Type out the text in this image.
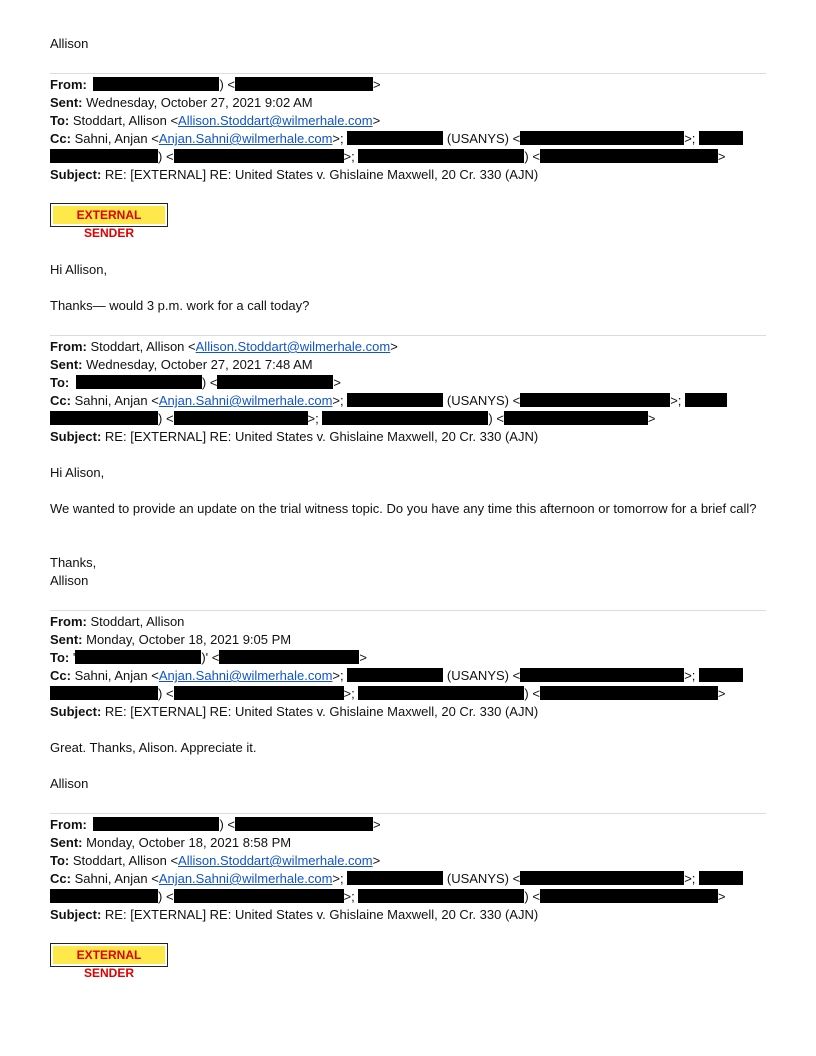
Allison
From:	) <	>
Sent: Wednesday, October 27, 2021 9:02 AM
To: Stoddart, Allison <Allison.Stoddart@wilmerhale.com>
Cc: Sahni, Anjan <Anjan.Sahni@wilmerhale.com>;	(USANYS) <	>;
) <	>;	) <	>
Subject: RE: [EXTERNAL] RE: United States v. Ghislaine Maxwell, 20 Cr. 330 (AJN)
EXTERNAL SENDER
Hi Allison,
Thanks— would 3 p.m. work for a call today?
From: Stoddart, Allison <Allison.Stoddart@wilmerhale.com>
Sent: Wednesday, October 27, 2021 7:48 AM
To:	) <	>
Cc: Sahni, Anjan <Anjan.Sahni@wilmerhale.com>;	(USANYS) <	>;
) <	>;	) <	>
Subject: RE: [EXTERNAL] RE: United States v. Ghislaine Maxwell, 20 Cr. 330 (AJN)
Hi Alison,
We wanted to provide an update on the trial witness topic. Do you have any time this afternoon or tomorrow for a brief call?
Thanks,
Allison
From: Stoddart, Allison
Sent: Monday, October 18, 2021 9:05 PM
To: '	)' <	>
Cc: Sahni, Anjan <Anjan.Sahni@wilmerhale.com>;	(USANYS) <	>;
) <	>;	) <	>
Subject: RE: [EXTERNAL] RE: United States v. Ghislaine Maxwell, 20 Cr. 330 (AJN)
Great. Thanks, Alison. Appreciate it.
Allison
From:	) <	>
Sent: Monday, October 18, 2021 8:58 PM
To: Stoddart, Allison <Allison.Stoddart@wilmerhale.com>
Cc: Sahni, Anjan <Anjan.Sahni@wilmerhale.com>;	(USANYS) <	>;
) <	>;	) <	>
Subject: RE: [EXTERNAL] RE: United States v. Ghislaine Maxwell, 20 Cr. 330 (AJN)
EXTERNAL SENDER
